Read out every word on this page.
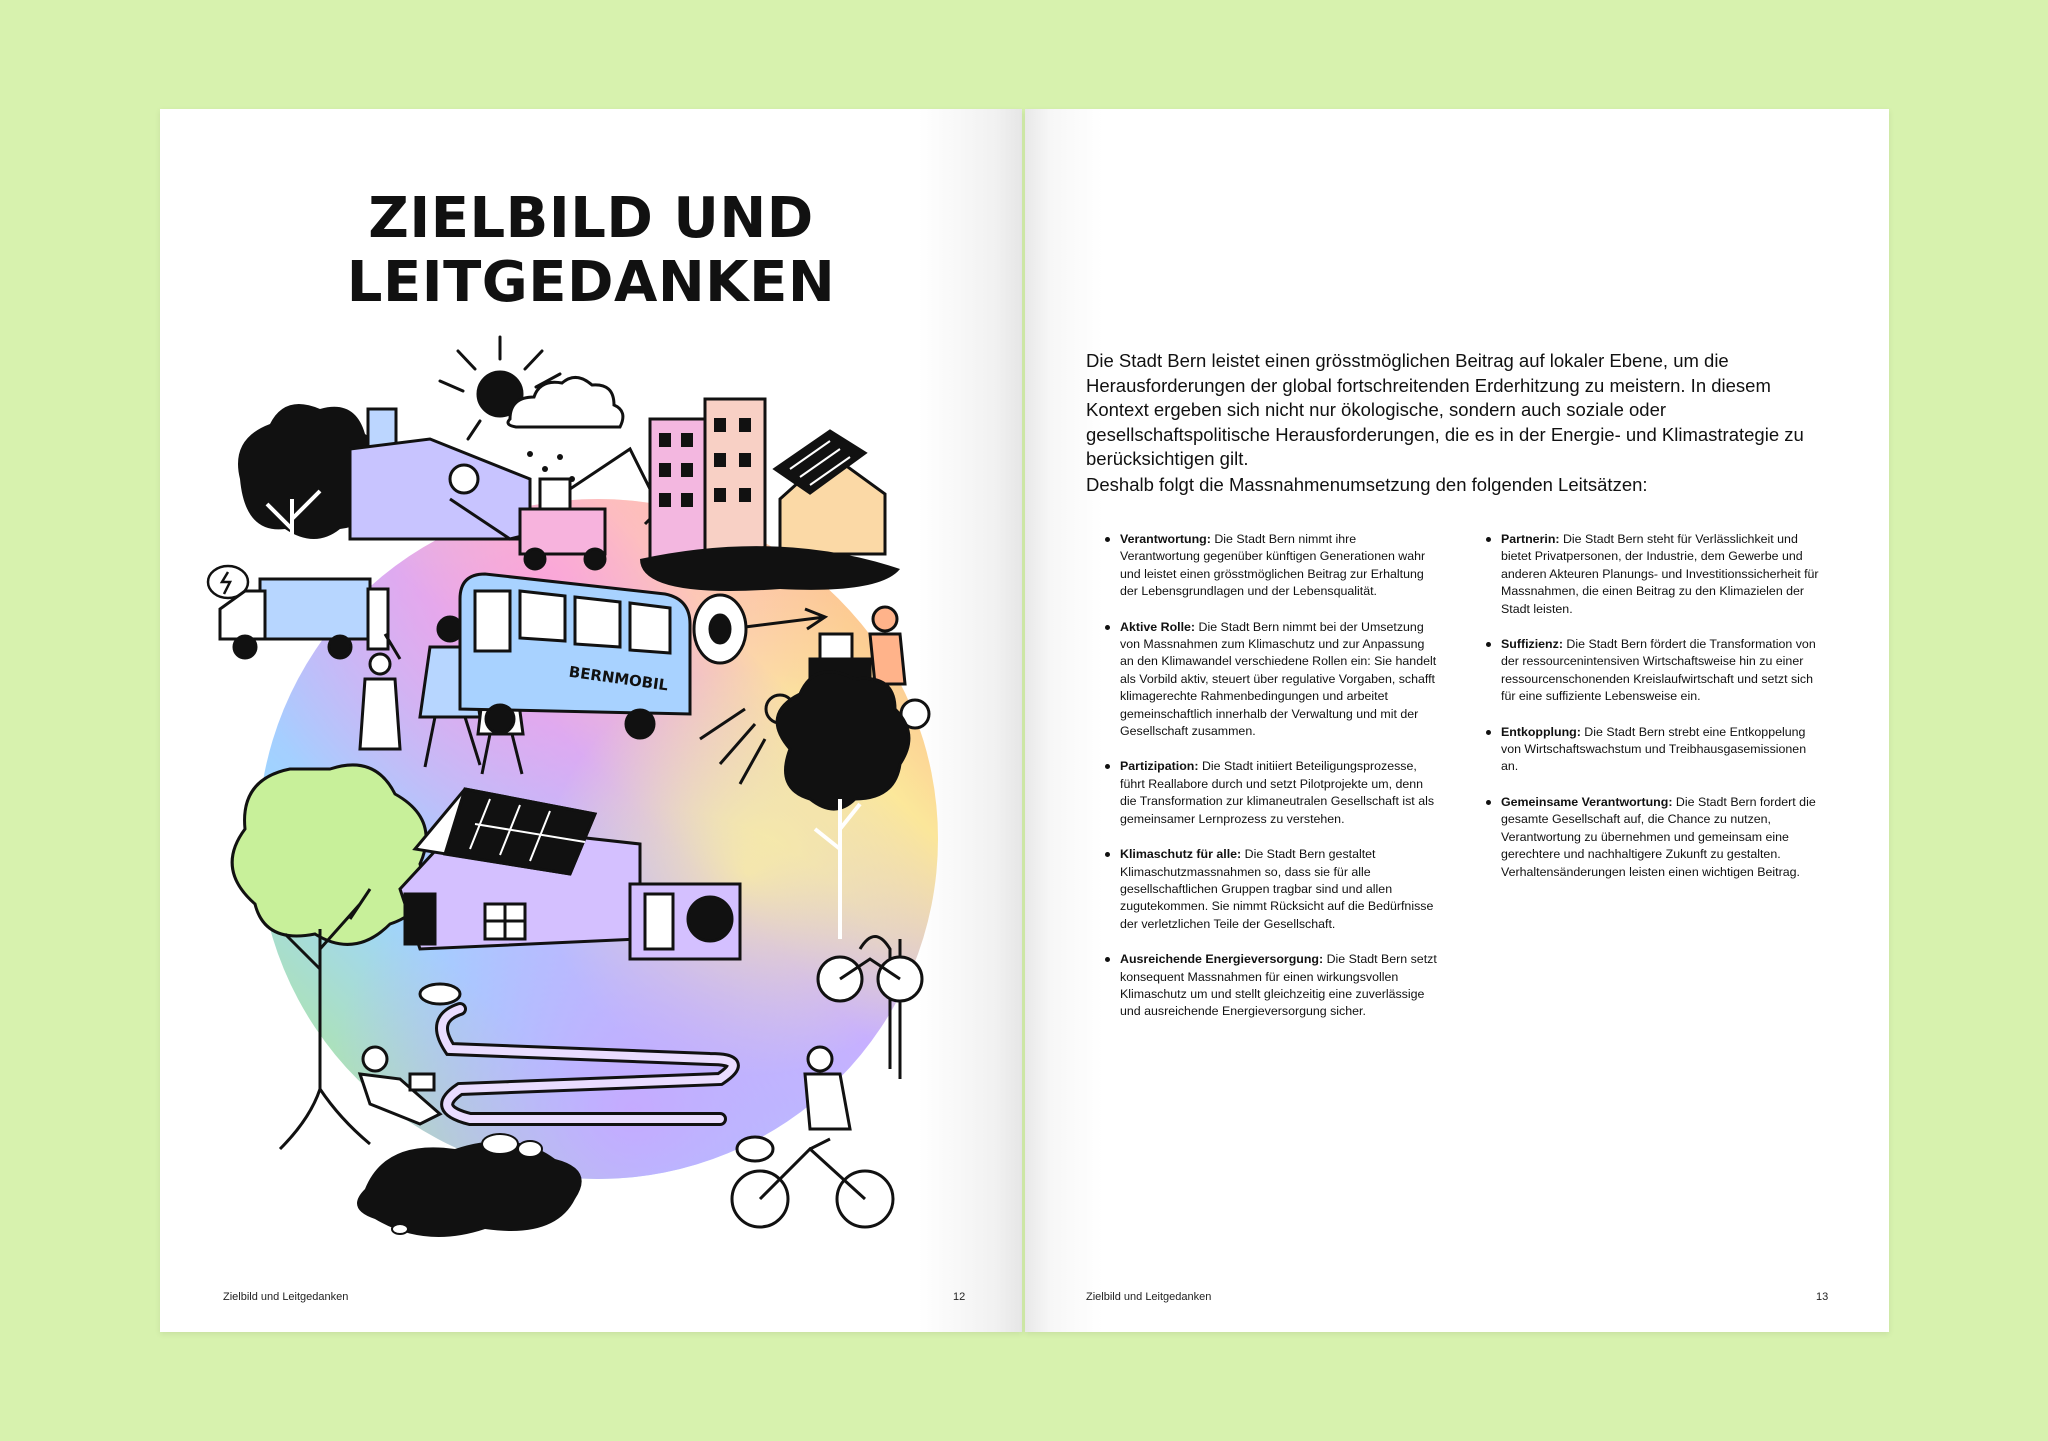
ZIELBILD UND
LEITGEDANKEN
BERNMOBIL
Zielbild und Leitgedanken	12

Die Stadt Bern leistet einen grösstmöglichen Beitrag auf lokaler Ebene, um die Herausforderungen der global fortschreitenden Erderhitzung zu meistern. In diesem Kontext ergeben sich nicht nur ökologische, sondern auch soziale oder gesellschaftspolitische Herausforderungen, die es in der Energie- und Klimastrategie zu berücksichtigen gilt.

Deshalb folgt die Massnahmenumsetzung den folgenden Leitsätzen:

Verantwortung: Die Stadt Bern nimmt ihre Verantwortung gegenüber künftigen Generationen wahr und leistet einen grösstmöglichen Beitrag zur Erhaltung der Lebensgrundlagen und der Lebensqualität.
Aktive Rolle: Die Stadt Bern nimmt bei der Umsetzung von Massnahmen zum Klimaschutz und zur Anpassung an den Klimawandel verschiedene Rollen ein: Sie handelt als Vorbild aktiv, steuert über regulative Vorgaben, schafft klimagerechte Rahmenbedingungen und arbeitet gemeinschaftlich innerhalb der Verwaltung und mit der Gesellschaft zusammen.
Partizipation: Die Stadt initiiert Beteiligungsprozesse, führt Reallabore durch und setzt Pilotprojekte um, denn die Transformation zur klimaneutralen Gesellschaft ist als gemeinsamer Lernprozess zu verstehen.
Klimaschutz für alle: Die Stadt Bern gestaltet Klimaschutzmassnahmen so, dass sie für alle gesellschaftlichen Gruppen tragbar sind und allen zugutekommen. Sie nimmt Rücksicht auf die Bedürfnisse der verletzlichen Teile der Gesellschaft.
Ausreichende Energieversorgung: Die Stadt Bern setzt konsequent Massnahmen für einen wirkungsvollen Klimaschutz um und stellt gleichzeitig eine zuverlässige und ausreichende Energieversorgung sicher.
Partnerin: Die Stadt Bern steht für Verlässlichkeit und bietet Privatpersonen, der Industrie, dem Gewerbe und anderen Akteuren Planungs- und Investitionssicherheit für Massnahmen, die einen Beitrag zu den Klimazielen der Stadt leisten.
Suffizienz: Die Stadt Bern fördert die Transformation von der ressourcenintensiven Wirtschaftsweise hin zu einer ressourcenschonenden Kreislaufwirtschaft und setzt sich für eine suffiziente Lebensweise ein.
Entkopplung: Die Stadt Bern strebt eine Entkoppelung von Wirtschaftswachstum und Treibhausgasemissionen an.
Gemeinsame Verantwortung: Die Stadt Bern fordert die gesamte Gesellschaft auf, die Chance zu nutzen, Verantwortung zu übernehmen und gemeinsam eine gerechtere und nachhaltigere Zukunft zu gestalten. Verhaltensänderungen leisten einen wichtigen Beitrag.
Zielbild und Leitgedanken	13
